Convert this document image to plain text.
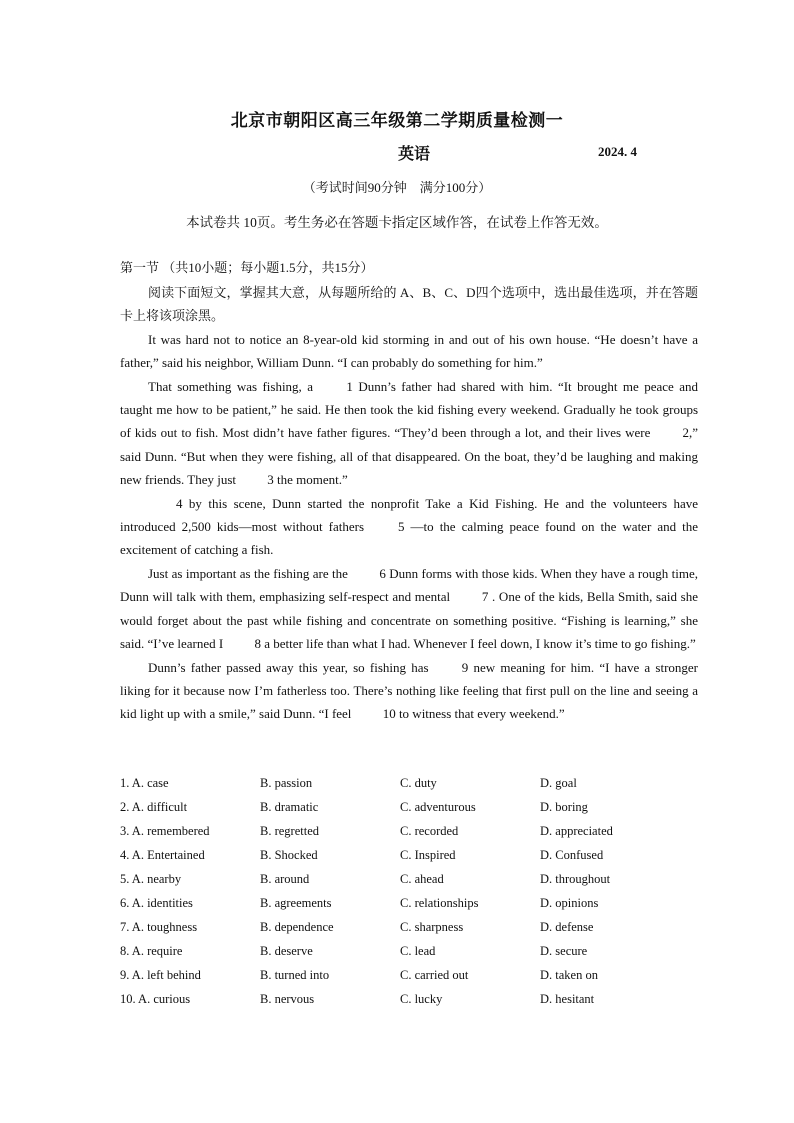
北京市朝阳区高三年级第二学期质量检测一
英语	2024. 4
（考试时间90分钟　满分100分）
本试卷共 10页。考生务必在答题卡指定区域作答，在试卷上作答无效。
第一节 （共10小题；每小题1.5分，共15分）

阅读下面短文，掌握其大意，从每题所给的 A、B、C、D四个选项中，选出最佳选项，并在答题卡上将该项涂黑。

It was hard not to notice an 8-year-old kid storming in and out of his own house. “He doesn’t have a father,” said his neighbor, William Dunn. “I can probably do something for him.”

That something was fishing, a 1 Dunn’s father had shared with him. “It brought me peace and taught me how to be patient,” he said. He then took the kid fishing every weekend. Gradually he took groups of kids out to fish. Most didn’t have father figures. “They’d been through a lot, and their lives were 2,” said Dunn. “But when they were fishing, all of that disappeared. On the boat, they’d be laughing and making new friends. They just 3 the moment.”

4 by this scene, Dunn started the nonprofit Take a Kid Fishing. He and the volunteers have introduced 2,500 kids—most without fathers 5 —to the calming peace found on the water and the excitement of catching a fish.

Just as important as the fishing are the 6 Dunn forms with those kids. When they have a rough time, Dunn will talk with them, emphasizing self-respect and mental 7 . One of the kids, Bella Smith, said she would forget about the past while fishing and concentrate on something positive. “Fishing is learning,” she said. “I’ve learned I 8 a better life than what I had. Whenever I feel down, I know it’s time to go fishing.”

Dunn’s father passed away this year, so fishing has 9 new meaning for him. “I have a stronger liking for it because now I’m fatherless too. There’s nothing like feeling that first pull on the line and seeing a kid light up with a smile,” said Dunn. “I feel 10 to witness that every weekend.”

1. A. case	B. passion	C. duty	D. goal
2. A. difficult	B. dramatic	C. adventurous	D. boring
3. A. remembered	B. regretted	C. recorded	D. appreciated
4. A. Entertained	B. Shocked	C. Inspired	D. Confused
5. A. nearby	B. around	C. ahead	D. throughout
6. A. identities	B. agreements	C. relationships	D. opinions
7. A. toughness	B. dependence	C. sharpness	D. defense
8. A. require	B. deserve	C. lead	D. secure
9. A. left behind	B. turned into	C. carried out	D. taken on
10. A. curious	B. nervous	C. lucky	D. hesitant
